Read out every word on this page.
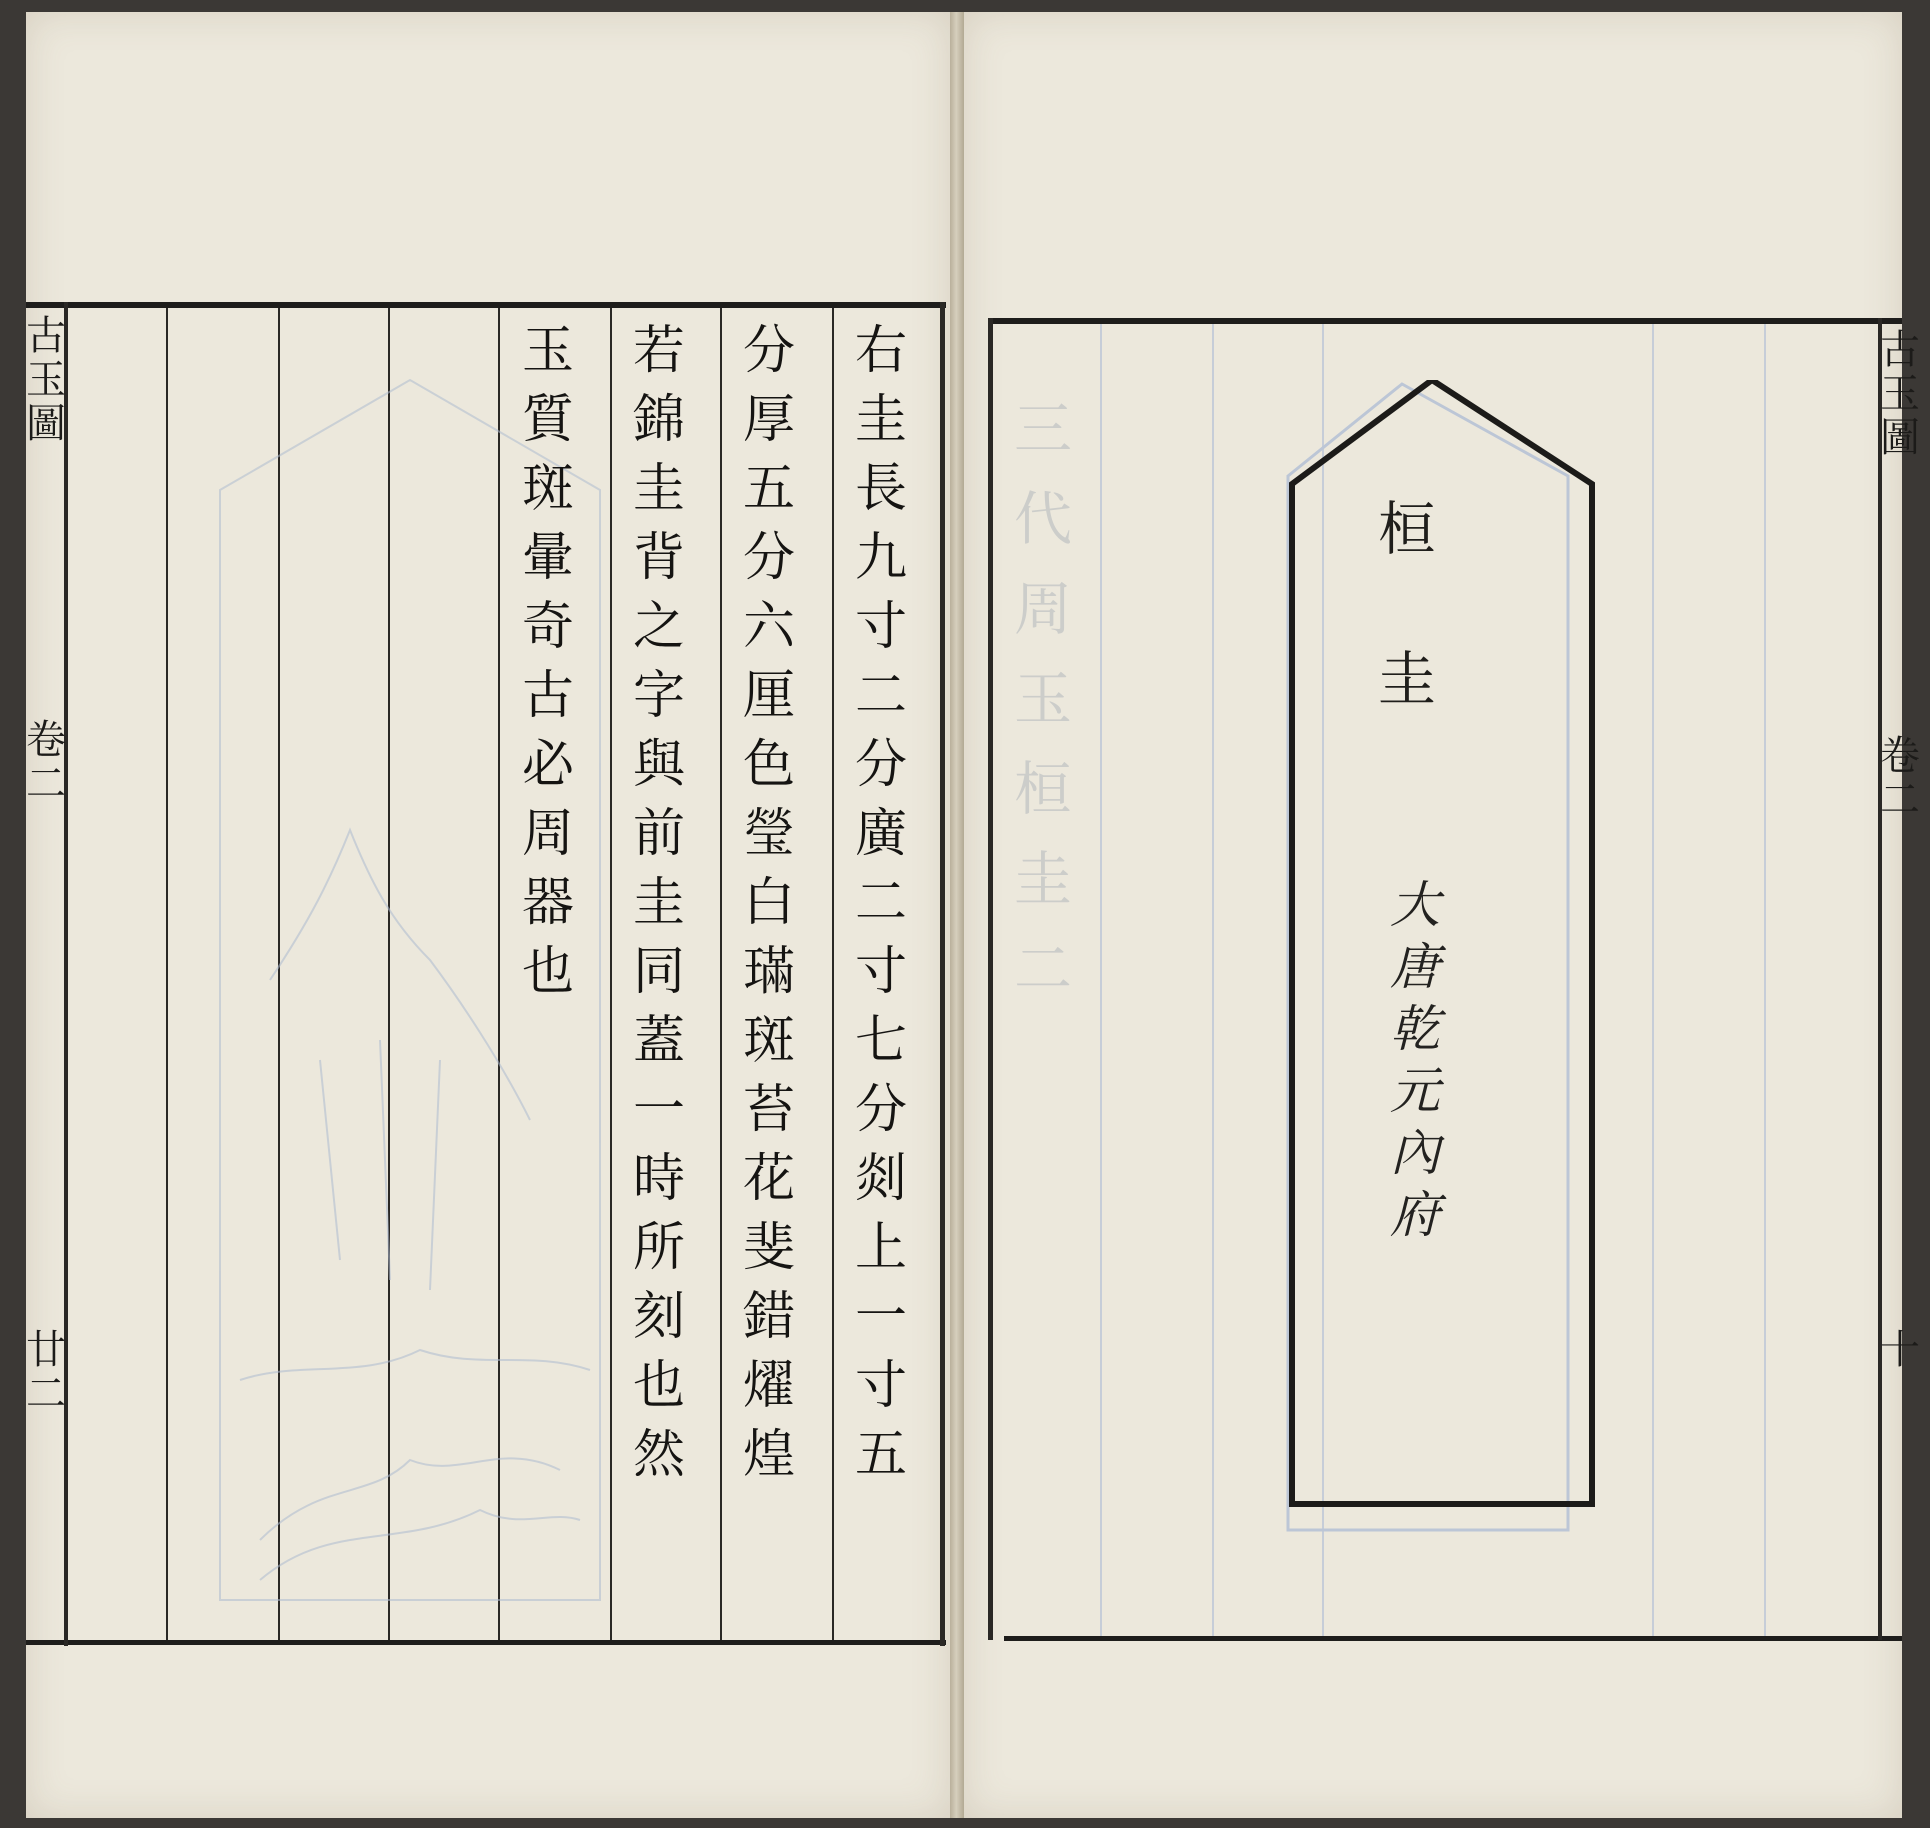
古
玉
圖
卷
二
廿
二
右
圭
長
九
寸
二
分
廣
二
寸
七
分
剡
上
一
寸
五
分
厚
五
分
六
厘
色
瑩
白
璊
斑
苔
花
斐
錯
燿
煌
若
錦
圭
背
之
字
與
前
圭
同
蓋
一
時
所
刻
也
然
玉
質
斑
暈
奇
古
必
周
器
也
三
代
周
玉
桓
圭
二
桓
圭
大
唐
乾
元
內
府
古
玉
圖
卷
二
十
